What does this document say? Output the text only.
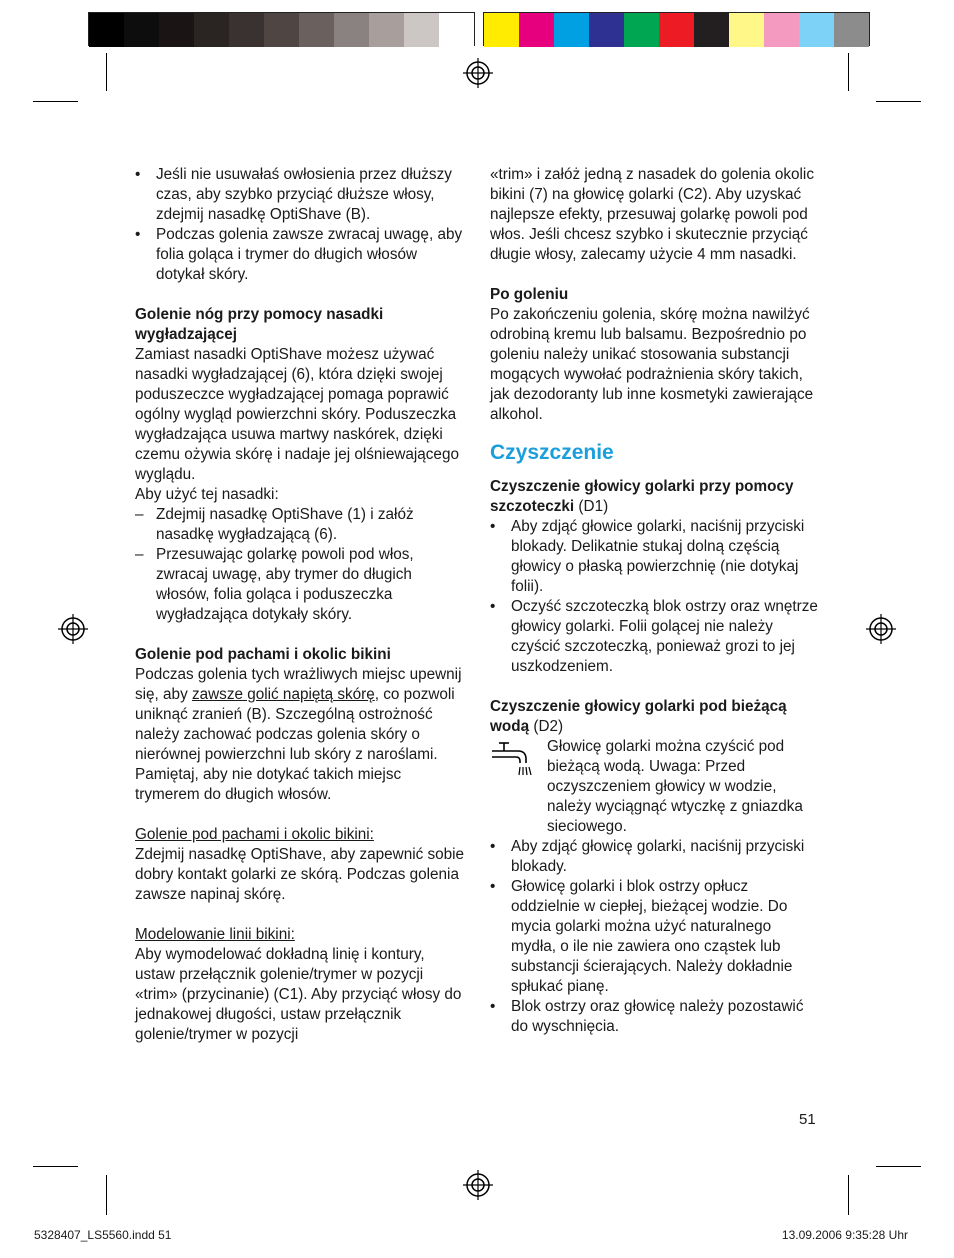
• Jeśli nie usuwałaś owłosienia przez dłuższy czas, aby szybko przyciąć dłuższe włosy, zdejmij nasadkę OptiShave (B).
• Podczas golenia zawsze zwracaj uwagę, aby folia goląca i trymer do długich włosów dotykał skóry.

Golenie nóg przy pomocy nasadki wygładzającej

Zamiast nasadki OptiShave możesz używać nasadki wygładzającej (6), która dzięki swojej poduszeczce wygładzającej pomaga poprawić ogólny wygląd powierzchni skóry. Poduszeczka wygładzająca usuwa martwy naskórek, dzięki czemu ożywia skórę i nadaje jej olśniewającego wyglądu.

Aby użyć tej nasadki:

– Zdejmij nasadkę OptiShave (1) i załóż nasadkę wygładzającą (6).
– Przesuwając golarkę powoli pod włos, zwracaj uwagę, aby trymer do długich włosów, folia goląca i poduszeczka wygładzająca dotykały skóry.

Golenie pod pachami i okolic bikini

Podczas golenia tych wrażliwych miejsc upewnij się, aby zawsze golić napiętą skórę, co pozwoli uniknąć zranień (B). Szczególną ostrożność należy zachować podczas golenia skóry o nierównej powierzchni lub skóry z naroślami. Pamiętaj, aby nie dotykać takich miejsc trymerem do długich włosów.

Golenie pod pachami i okolic bikini:

Zdejmij nasadkę OptiShave, aby zapewnić sobie dobry kontakt golarki ze skórą. Podczas golenia zawsze napinaj skórę.

Modelowanie linii bikini:

Aby wymodelować dokładną linię i kontury, ustaw przełącznik golenie/trymer w pozycji «trim» (przycinanie) (C1). Aby przyciąć włosy do jednakowej długości, ustaw przełącznik golenie/trymer w pozycji

«trim» i załóż jedną z nasadek do golenia okolic bikini (7) na głowicę golarki (C2). Aby uzyskać najlepsze efekty, przesuwaj golarkę powoli pod włos. Jeśli chcesz szybko i skutecznie przyciąć długie włosy, zalecamy użycie 4 mm nasadki.

Po goleniu

Po zakończeniu golenia, skórę można nawilżyć odrobiną kremu lub balsamu. Bezpośrednio po goleniu należy unikać stosowania substancji mogących wywołać podrażnienia skóry takich, jak dezodoranty lub inne kosmetyki zawierające alkohol.

Czyszczenie

Czyszczenie głowicy golarki przy pomocy szczoteczki (D1)

• Aby zdjąć głowice golarki, naciśnij przyciski blokady. Delikatnie stukaj dolną częścią głowicy o płaską powierzchnię (nie dotykaj folii).
• Oczyść szczoteczką blok ostrzy oraz wnętrze głowicy golarki. Folii golącej nie należy czyścić szczoteczką, ponieważ grozi to jej uszkodzeniem.

Czyszczenie głowicy golarki pod bieżącą wodą (D2)

Głowicę golarki można czyścić pod bieżącą wodą. Uwaga: Przed oczyszczeniem głowicy w wodzie, należy wyciągnąć wtyczkę z gniazdka sieciowego.

• Aby zdjąć głowicę golarki, naciśnij przyciski blokady.
• Głowicę golarki i blok ostrzy opłucz oddzielnie w ciepłej, bieżącej wodzie. Do mycia golarki można użyć naturalnego mydła, o ile nie zawiera ono cząstek lub substancji ścierających. Należy dokładnie spłukać pianę.
• Blok ostrzy oraz głowicę należy pozostawić do wyschnięcia.
51
5328407_LS5560.indd 51	13.09.2006 9:35:28 Uhr
